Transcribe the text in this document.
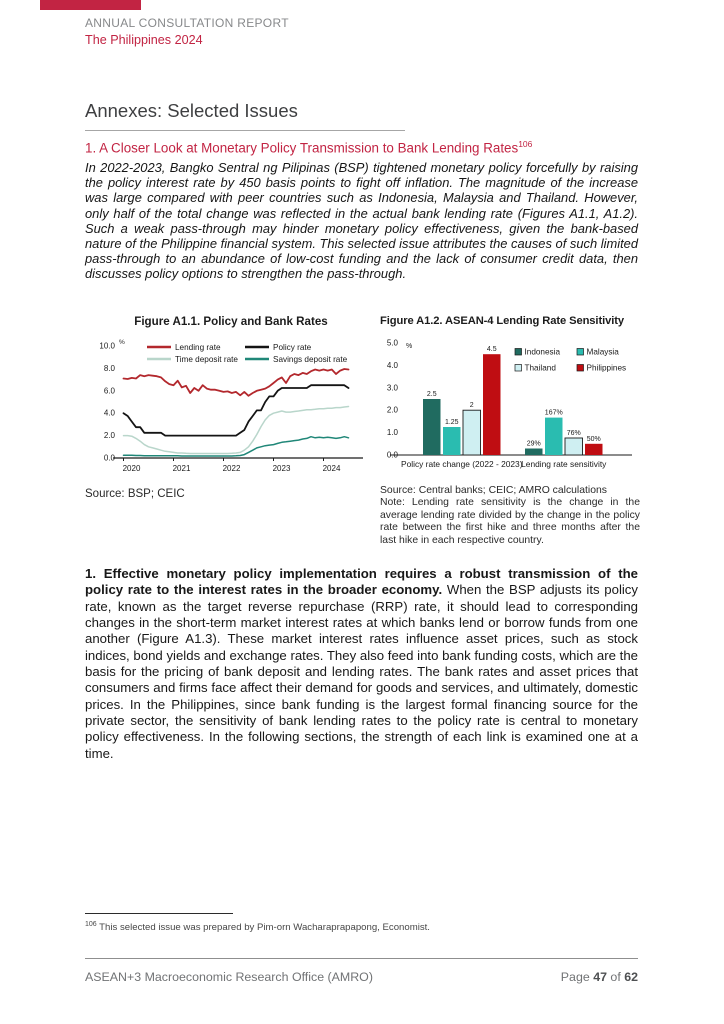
ANNUAL CONSULTATION REPORT
The Philippines 2024
Annexes: Selected Issues
1. A Closer Look at Monetary Policy Transmission to Bank Lending Rates$^{106}$
In 2022-2023, Bangko Sentral ng Pilipinas (BSP) tightened monetary policy forcefully by raising the policy interest rate by 450 basis points to fight off inflation. The magnitude of the increase was large compared with peer countries such as Indonesia, Malaysia and Thailand. However, only half of the total change was reflected in the actual bank lending rate (Figures A1.1, A1.2). Such a weak pass-through may hinder monetary policy effectiveness, given the bank-based nature of the Philippine financial system. This selected issue attributes the causes of such limited pass-through to an abundance of low-cost funding and the lack of consumer credit data, then discusses policy options to strengthen the pass-through.
Figure A1.1. Policy and Bank Rates
0.0
2.0
4.0
6.0
8.0
10.0 %
2020	2021	2022	2023	2024
Lending rate	Policy rate
Time deposit rate	Savings deposit rate
Source: BSP; CEIC
Figure A1.2. ASEAN-4 Lending Rate Sensitivity
0.0
1.0
2.0
3.0
4.0
5.0 %
2.5
1.25
2
4.5
Policy rate change (2022 - 2023)
29%
167%
76%
50%
Lending rate sensitivity
Indonesia	Malaysia
Thailand	Philippines
Source: Central banks; CEIC; AMRO calculations
Note: Lending rate sensitivity is the change in the average lending rate divided by the change in the policy rate between the first hike and three months after the last hike in each respective country.
1. Effective monetary policy implementation requires a robust transmission of the policy rate to the interest rates in the broader economy. When the BSP adjusts its policy rate, known as the target reverse repurchase (RRP) rate, it should lead to corresponding changes in the short-term market interest rates at which banks lend or borrow funds from one another (Figure A1.3). These market interest rates influence asset prices, such as stock indices, bond yields and exchange rates. They also feed into bank funding costs, which are the basis for the pricing of bank deposit and lending rates. The bank rates and asset prices that consumers and firms face affect their demand for goods and services, and ultimately, domestic prices. In the Philippines, since bank funding is the largest formal financing source for the private sector, the sensitivity of bank lending rates to the policy rate is central to monetary policy effectiveness. In the following sections, the strength of each link is examined one at a time.
$^{106}$ This selected issue was prepared by Pim-orn Wacharaprapapong, Economist.
ASEAN+3 Macroeconomic Research Office (AMRO)	Page 47 of 62
